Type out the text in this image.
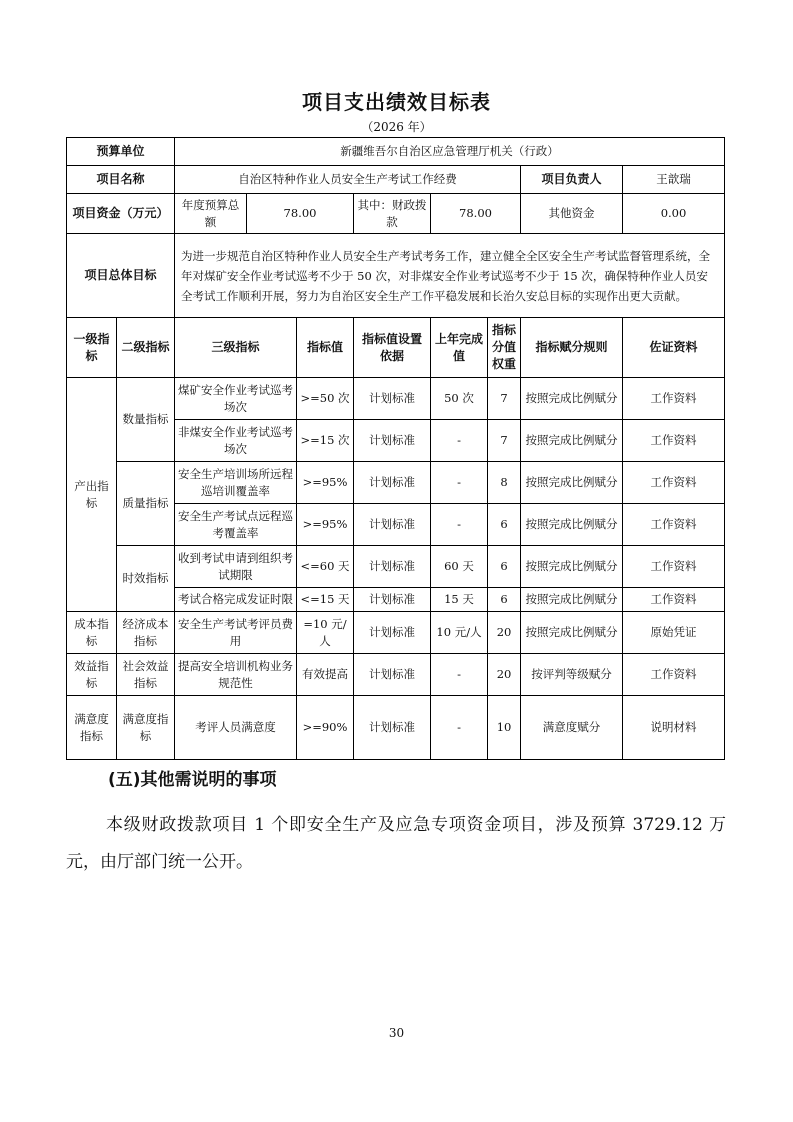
项目支出绩效目标表
（2026 年）
预算单位		新疆维吾尔自治区应急管理厅机关（行政）							
项目名称		自治区特种作业人员安全生产考试工作经费						项目负责人	王歆瑞
项目资金（万元）		年度预算总额	78.00		其中：财政拨款	78.00		其他资金	0.00
项目总体目标		为进一步规范自治区特种作业人员安全生产考试考务工作，建立健全全区安全生产考试监督管理系统，全年对煤矿安全作业考试巡考不少于 50 次，对非煤安全作业考试巡考不少于 15 次，确保特种作业人员安全考试工作顺利开展，努力为自治区安全生产工作平稳发展和长治久安总目标的实现作出更大贡献。							
一级指标	二级指标	三级指标		指标值	指标值设置依据	上年完成值	指标分值权重	指标赋分规则	佐证资料
产出指标	数量指标	煤矿安全作业考试巡考场次		>=50 次	计划标准	50 次	7	按照完成比例赋分	工作资料
		非煤安全作业考试巡考场次		>=15 次	计划标准	-	7	按照完成比例赋分	工作资料
	质量指标	安全生产培训场所远程巡培训覆盖率		>=95%	计划标准	-	8	按照完成比例赋分	工作资料
		安全生产考试点远程巡考覆盖率		>=95%	计划标准	-	6	按照完成比例赋分	工作资料
	时效指标	收到考试申请到组织考试期限		<=60 天	计划标准	60 天	6	按照完成比例赋分	工作资料
		考试合格完成发证时限		<=15 天	计划标准	15 天	6	按照完成比例赋分	工作资料
成本指标	经济成本指标	安全生产考试考评员费用		=10 元/人	计划标准	10 元/人	20	按照完成比例赋分	原始凭证
效益指标	社会效益指标	提高安全培训机构业务规范性		有效提高	计划标准	-	20	按评判等级赋分	工作资料
满意度指标	满意度指标	考评人员满意度		>=90%	计划标准	-	10	满意度赋分	说明材料
(五)其他需说明的事项
本级财政拨款项目 1 个即安全生产及应急专项资金项目，涉及预算 3729.12 万元，由厅部门统一公开。
30
